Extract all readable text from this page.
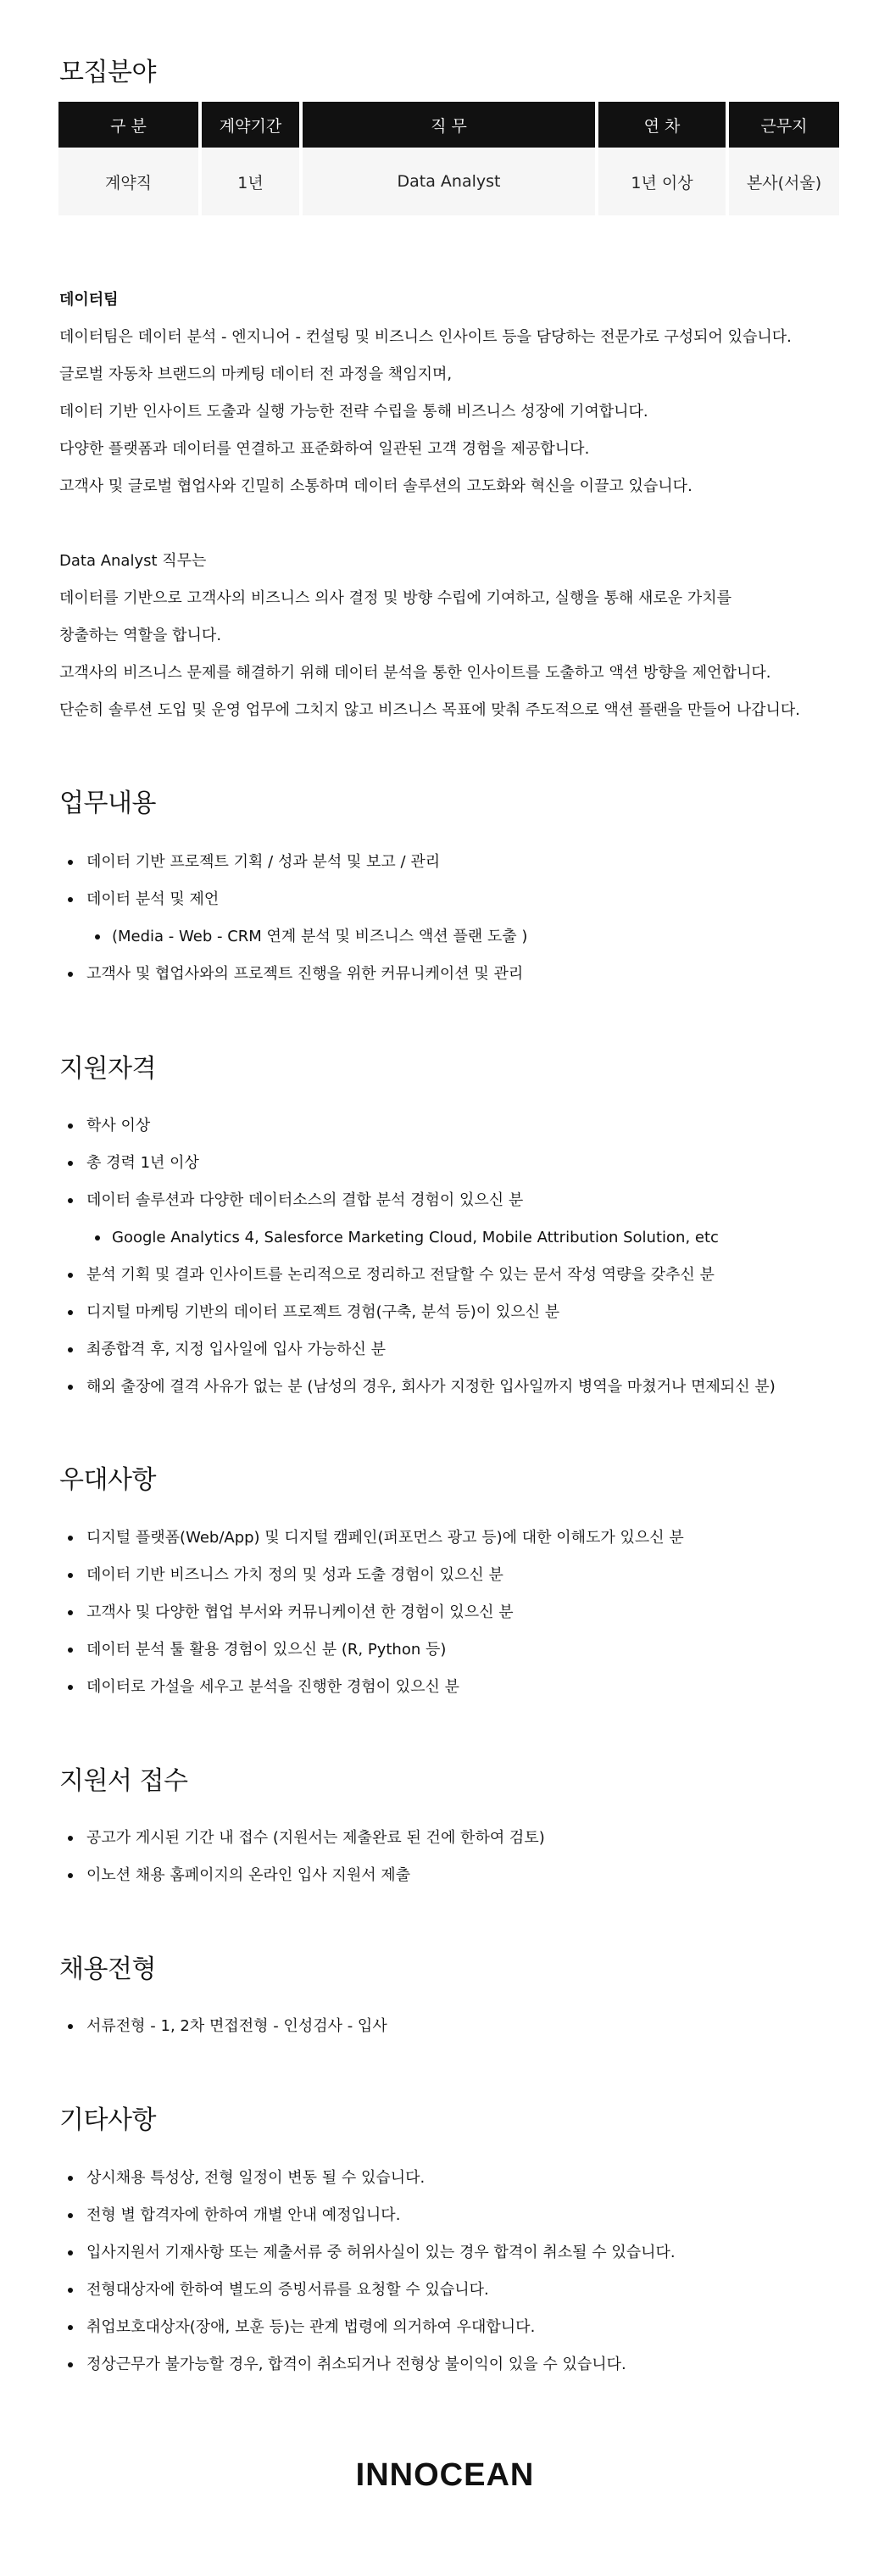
모집분야
구 분	계약기간	직 무	연 차	근무지
계약직	1년	Data Analyst	1년 이상	본사(서울)
데이터팀
데이터팀은 데이터 분석 - 엔지니어 - 컨설팅 및 비즈니스 인사이트 등을 담당하는 전문가로 구성되어 있습니다.
글로벌 자동차 브랜드의 마케팅 데이터 전 과정을 책임지며,
데이터 기반 인사이트 도출과 실행 가능한 전략 수립을 통해 비즈니스 성장에 기여합니다.
다양한 플랫폼과 데이터를 연결하고 표준화하여 일관된 고객 경험을 제공합니다.
고객사 및 글로벌 협업사와 긴밀히 소통하며 데이터 솔루션의 고도화와 혁신을 이끌고 있습니다.
Data Analyst 직무는
데이터를 기반으로 고객사의 비즈니스 의사 결정 및 방향 수립에 기여하고, 실행을 통해 새로운 가치를
창출하는 역할을 합니다.
고객사의 비즈니스 문제를 해결하기 위해 데이터 분석을 통한 인사이트를 도출하고 액션 방향을 제언합니다.
단순히 솔루션 도입 및 운영 업무에 그치지 않고 비즈니스 목표에 맞춰 주도적으로 액션 플랜을 만들어 나갑니다.
업무내용
데이터 기반 프로젝트 기획 / 성과 분석 및 보고 / 관리
데이터 분석 및 제언
(Media - Web - CRM 연계 분석 및 비즈니스 액션 플랜 도출 )
고객사 및 협업사와의 프로젝트 진행을 위한 커뮤니케이션 및 관리
지원자격
학사 이상
총 경력 1년 이상
데이터 솔루션과 다양한 데이터소스의 결합 분석 경험이 있으신 분
Google Analytics 4, Salesforce Marketing Cloud, Mobile Attribution Solution, etc
분석 기획 및 결과 인사이트를 논리적으로 정리하고 전달할 수 있는 문서 작성 역량을 갖추신 분
디지털 마케팅 기반의 데이터 프로젝트 경험(구축, 분석 등)이 있으신 분
최종합격 후, 지정 입사일에 입사 가능하신 분
해외 출장에 결격 사유가 없는 분 (남성의 경우, 회사가 지정한 입사일까지 병역을 마쳤거나 면제되신 분)
우대사항
디지털 플랫폼(Web/App) 및 디지털 캠페인(퍼포먼스 광고 등)에 대한 이해도가 있으신 분
데이터 기반 비즈니스 가치 정의 및 성과 도출 경험이 있으신 분
고객사 및 다양한 협업 부서와 커뮤니케이션 한 경험이 있으신 분
데이터 분석 툴 활용 경험이 있으신 분 (R, Python 등)
데이터로 가설을 세우고 분석을 진행한 경험이 있으신 분
지원서 접수
공고가 게시된 기간 내 접수 (지원서는 제출완료 된 건에 한하여 검토)
이노션 채용 홈페이지의 온라인 입사 지원서 제출
채용전형
서류전형 - 1, 2차 면접전형 - 인성검사 - 입사
기타사항
상시채용 특성상, 전형 일정이 변동 될 수 있습니다.
전형 별 합격자에 한하여 개별 안내 예정입니다.
입사지원서 기재사항 또는 제출서류 중 허위사실이 있는 경우 합격이 취소될 수 있습니다.
전형대상자에 한하여 별도의 증빙서류를 요청할 수 있습니다.
취업보호대상자(장애, 보훈 등)는 관계 법령에 의거하여 우대합니다.
정상근무가 불가능할 경우, 합격이 취소되거나 전형상 불이익이 있을 수 있습니다.
INNOCEAN
